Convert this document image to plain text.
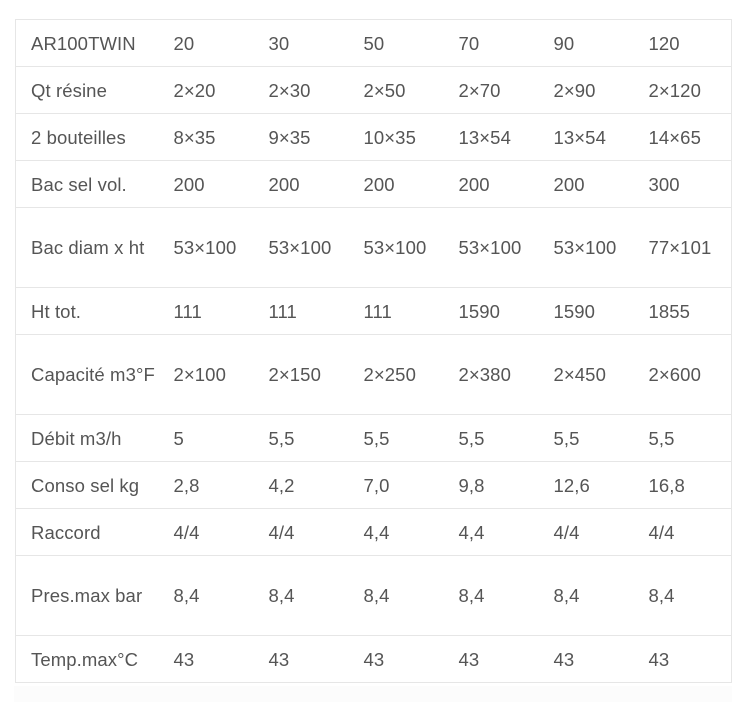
AR100TWIN	20	30	50	70	90	120
Qt résine	2×20	2×30	2×50	2×70	2×90	2×120
2 bouteilles	8×35	9×35	10×35	13×54	13×54	14×65
Bac sel vol.	200	200	200	200	200	300
Bac diam x ht	53×100	53×100	53×100	53×100	53×100	77×101
Ht tot.	111	111	111	1590	1590	1855
Capacité m3°F	2×100	2×150	2×250	2×380	2×450	2×600
Débit m3/h	5	5,5	5,5	5,5	5,5	5,5
Conso sel kg	2,8	4,2	7,0	9,8	12,6	16,8
Raccord	4/4	4/4	4,4	4,4	4/4	4/4
Pres.max bar	8,4	8,4	8,4	8,4	8,4	8,4
Temp.max°C	43	43	43	43	43	43
